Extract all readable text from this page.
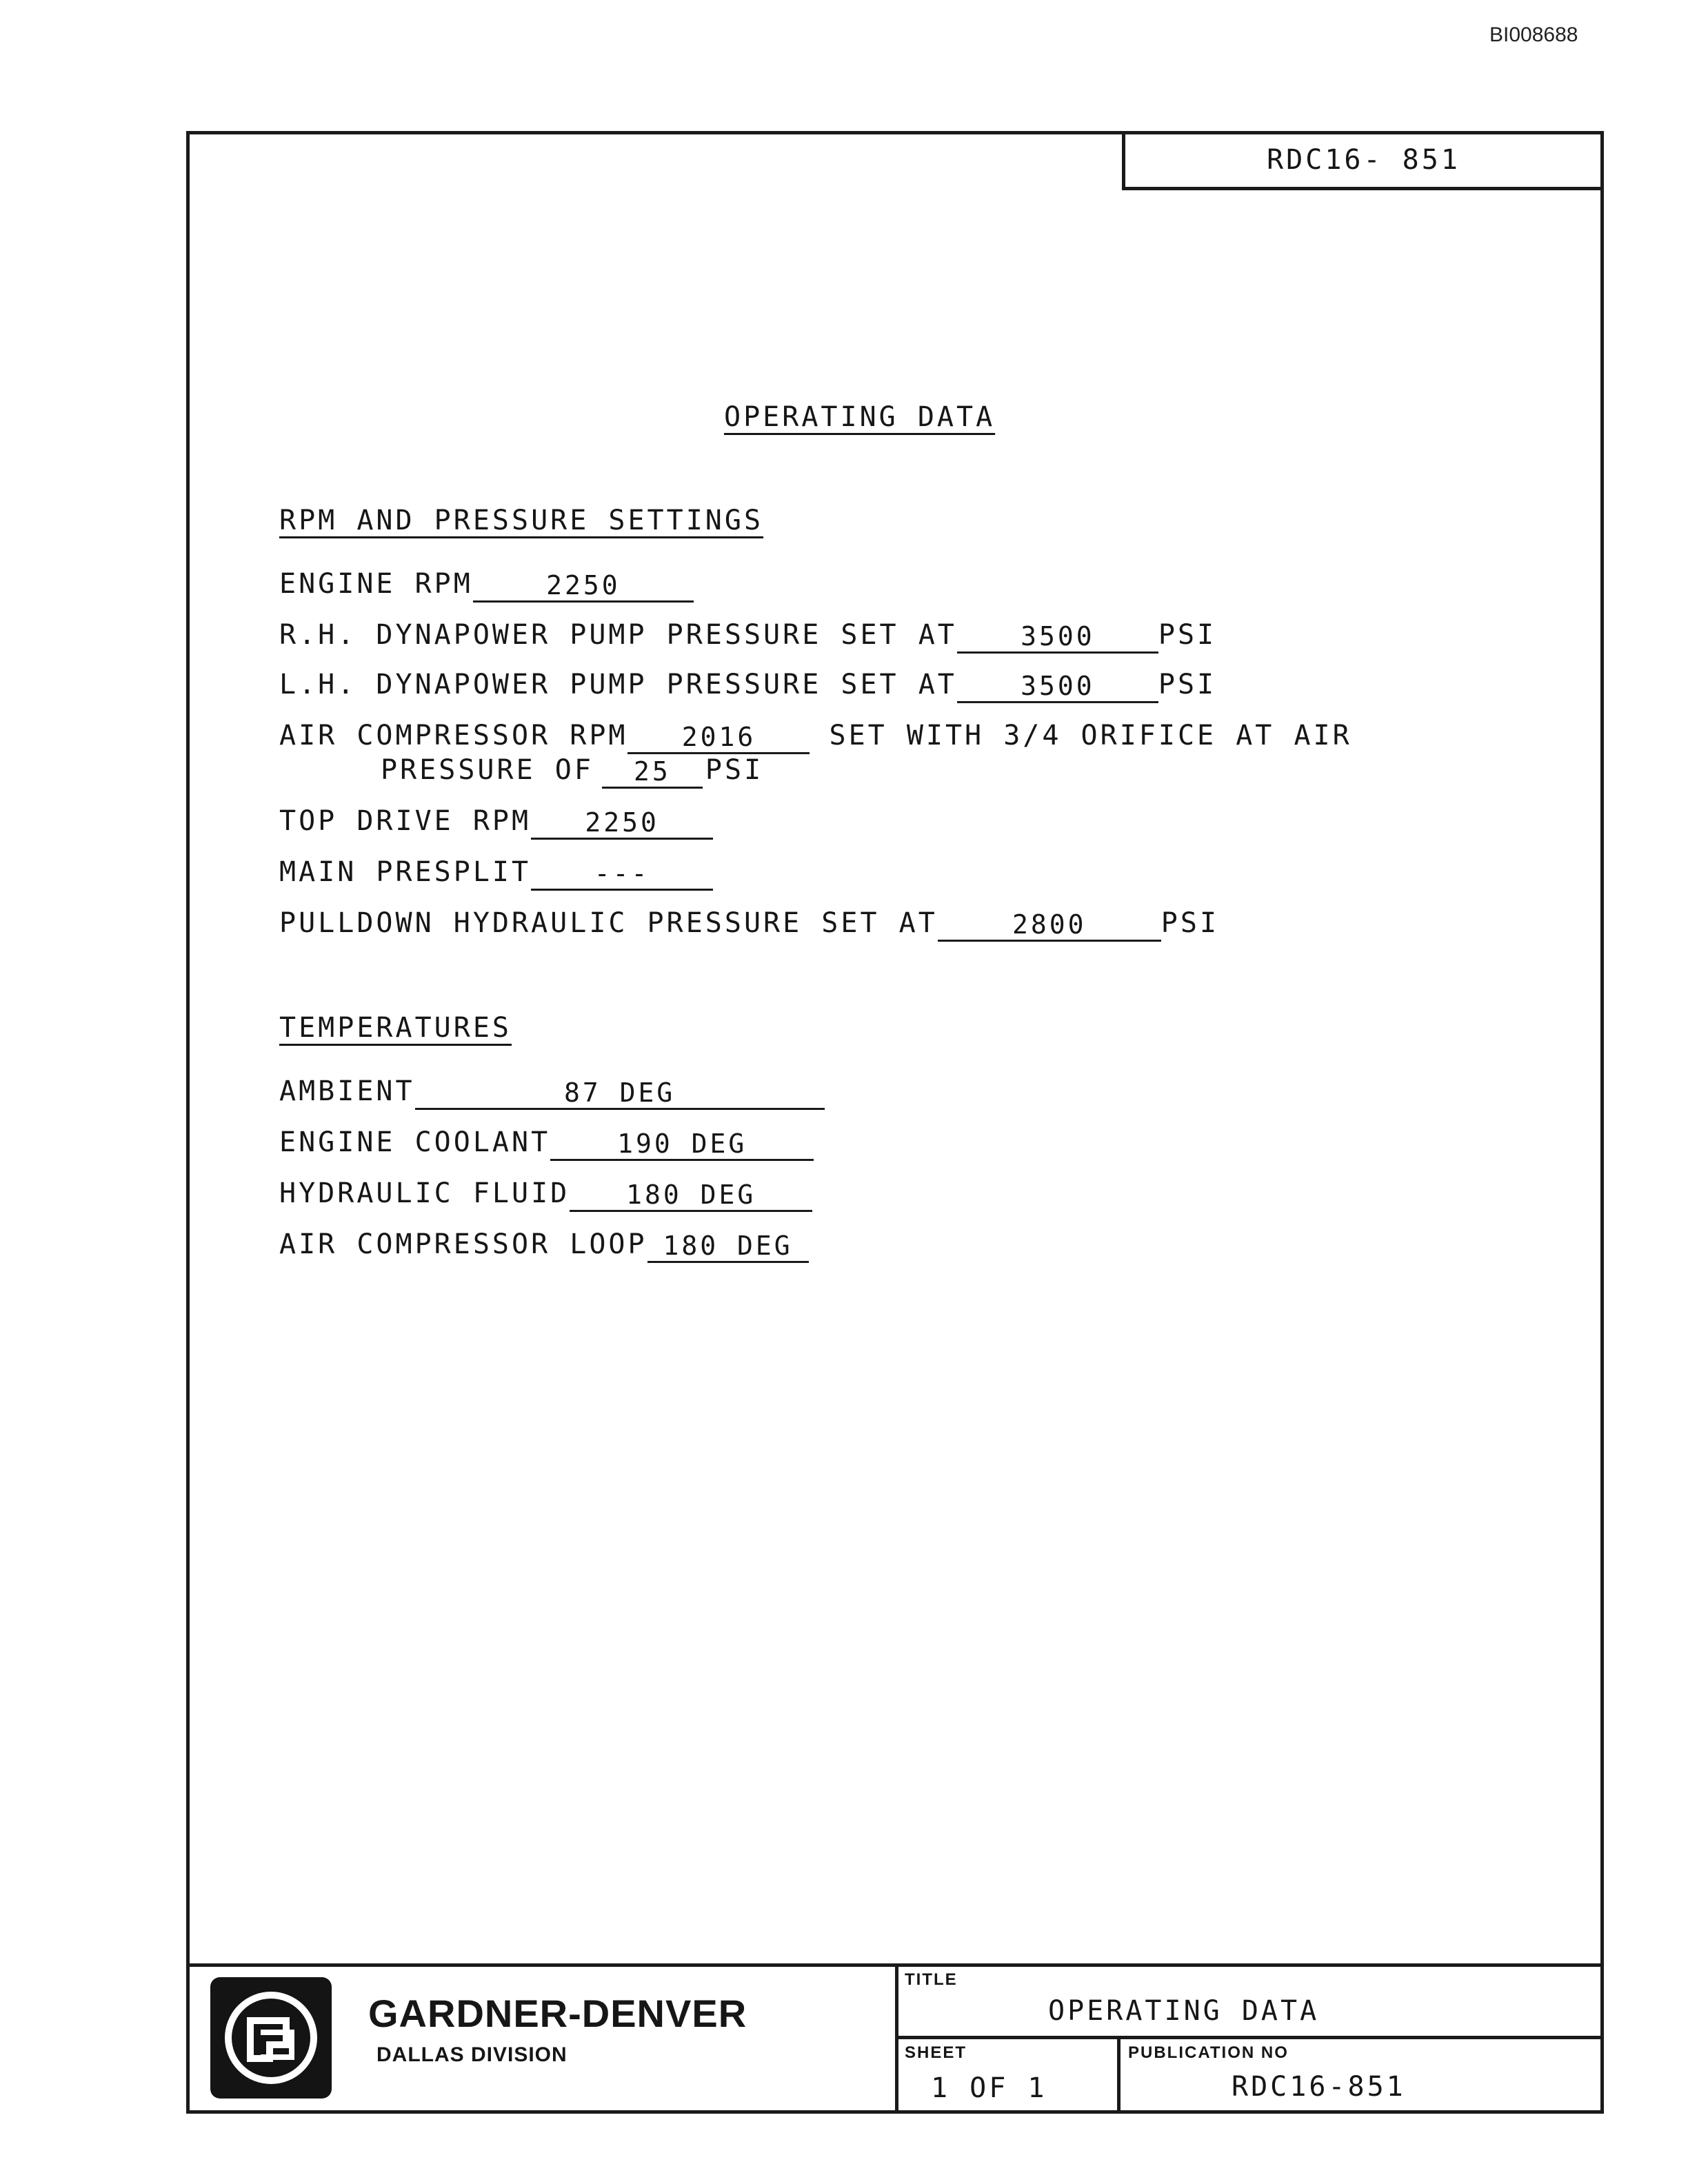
BI008688
RDC16- 851
OPERATING DATA
RPM AND PRESSURE SETTINGS
ENGINE RPM	2250
R.H. DYNAPOWER PUMP PRESSURE SET AT	3500	PSI
L.H. DYNAPOWER PUMP PRESSURE SET AT	3500	PSI
AIR COMPRESSOR RPM	2016	SET WITH 3/4 ORIFICE AT AIR
PRESSURE OF	25	PSI
TOP DRIVE RPM	2250
MAIN PRESPLIT	---
PULLDOWN HYDRAULIC PRESSURE SET AT	2800	PSI
TEMPERATURES
AMBIENT	87 DEG
ENGINE COOLANT	190 DEG
HYDRAULIC FLUID	180 DEG
AIR COMPRESSOR LOOP 180 DEG
GARDNER-DENVER
DALLAS DIVISION
TITLE
OPERATING DATA
SHEET
1 OF 1
PUBLICATION NO
RDC16-851
